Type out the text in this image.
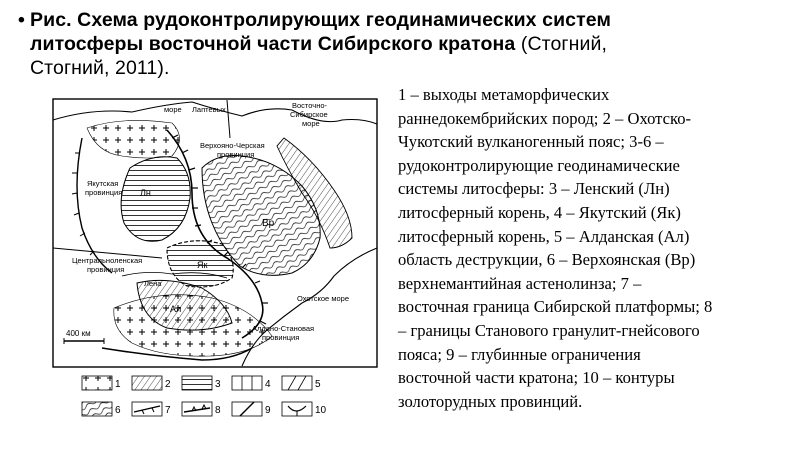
• Рис. Схема рудоконтролирующих геодинамических систем
литосферы восточной части Сибирского кратона (Стогний,
Стогний, 2011).
море Лаптевых	Восточно-
Сибирское
море
Верхояно-Черская
провинция
Якутская
провинция Лн
Вр
Центральноленская
провинция
Лена
Як
Ал
Охотское море
Алдано-Становая
провинция
400 км
1	2	3	4	5
6	7	8	9	10
1 – выходы метаморфических
раннедокембрийских пород; 2 – Охотско-
Чукотский вулканогенный пояс; 3-6 –
рудоконтролирующие геодинамические
системы литосферы: 3 – Ленский (Лн)
литосферный корень, 4 – Якутский (Як)
литосферный корень, 5 – Алданская (Ал)
область деструкции, 6 – Верхоянская (Вр)
верхнемантийная астенолинза; 7 –
восточная граница Сибирской платформы; 8
– границы Станового гранулит-гнейсового
пояса; 9 – глубинные ограничения
восточной части кратона; 10 – контуры
золоторудных провинций.
